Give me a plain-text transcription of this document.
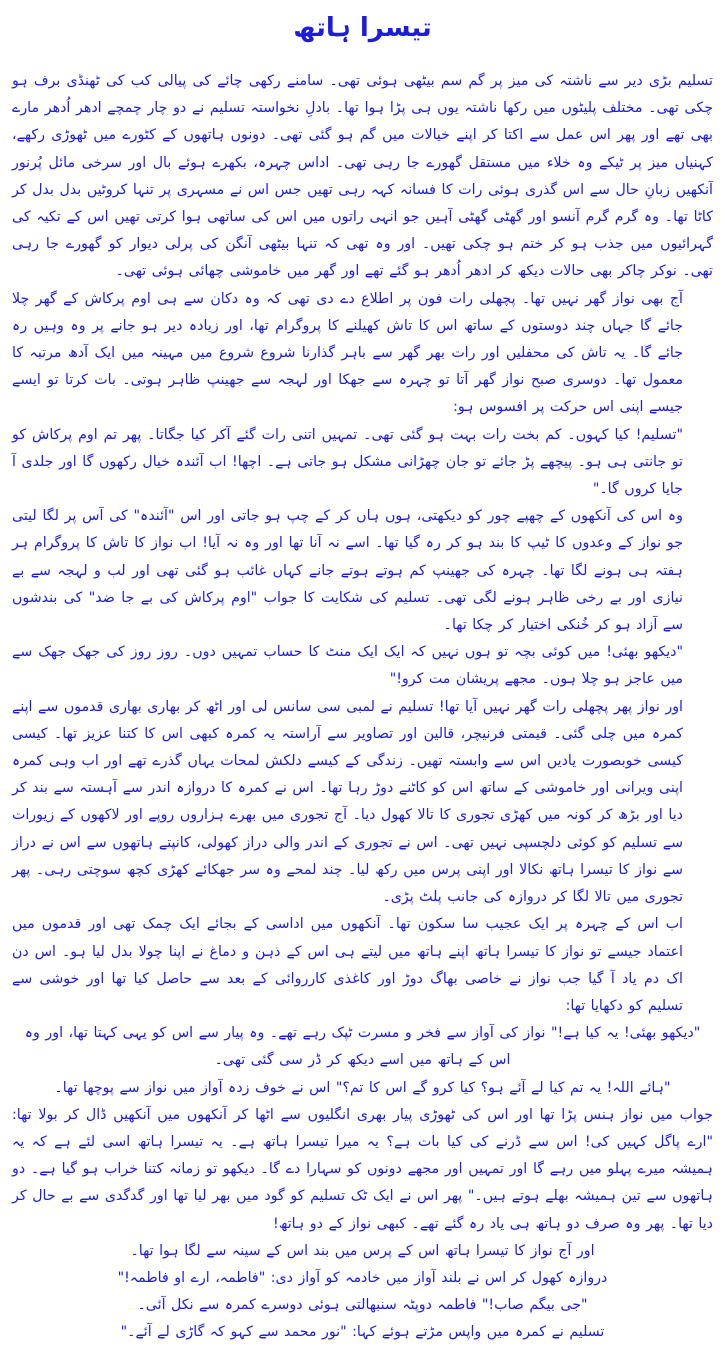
تیسرا ہاتھ

تسلیم بڑی دیر سے ناشتہ کی میز پر گم سم بیٹھی ہوئی تھی۔ سامنے رکھی چائے کی پیالی کب کی ٹھنڈی برف ہو چکی تھی۔ مختلف پلیٹوں میں رکھا ناشتہ یوں ہی پڑا ہوا تھا۔ بادلِ نخواستہ تسلیم نے دو چار چمچے ادھر اُدھر مارے بھی تھے اور پھر اس عمل سے اکتا کر اپنے خیالات میں گم ہو گئی تھی۔ دونوں ہاتھوں کے کٹورے میں ٹھوڑی رکھے، کہنیاں میز پر ٹیکے وہ خلاء میں مستقل گھورے جا رہی تھی۔ اداس چہرہ، بکھرے ہوئے بال اور سرخی مائل پُرنور آنکھیں زبانِ حال سے اس گذری ہوئی رات کا فسانہ کہہ رہی تھیں جس اس نے مسہری پر تنہا کروٹیں بدل بدل کر کاٹا تھا۔ وہ گرم گرم آنسو اور گھٹی گھٹی آہیں جو انہی راتوں میں اس کی ساتھی ہوا کرتی تھیں اس کے تکیہ کی گہرائیوں میں جذب ہو کر ختم ہو چکی تھیں۔ اور وہ تھی کہ تنہا بیٹھی آنگن کی پرلی دیوار کو گھورے جا رہی تھی۔ نوکر چاکر بھی حالات دیکھ کر ادھر اُدھر ہو گئے تھے اور گھر میں خاموشی چھائی ہوئی تھی۔

آج بھی نواز گھر نہیں تھا۔ پچھلی رات فون پر اطلاع دے دی تھی کہ وہ دکان سے ہی اوم پرکاش کے گھر چلا جائے گا جہاں چند دوستوں کے ساتھ اس کا تاش کھیلنے کا پروگرام تھا، اور زیادہ دیر ہو جانے پر وہ وہیں رہ جائے گا۔ یہ تاش کی محفلیں اور رات بھر گھر سے باہر گذارنا شروع شروع میں مہینہ میں ایک آدھ مرتبہ کا معمول تھا۔ دوسری صبح نواز گھر آتا تو چہرہ سے جھکا اور لہجہ سے جھینپ ظاہر ہوتی۔ بات کرتا تو ایسے جیسے اپنی اس حرکت پر افسوس ہو:

"تسلیم! کیا کہوں۔ کم بخت رات بہت ہو گئی تھی۔ تمہیں اتنی رات گئے آکر کیا جگاتا۔ پھر تم اوم پرکاش کو تو جانتی ہی ہو۔ پیچھے پڑ جائے تو جان چھڑانی مشکل ہو جاتی ہے۔ اچھا! اب آئندہ خیال رکھوں گا اور جلدی آ جایا کروں گا۔"

وہ اس کی آنکھوں کے چھپے چور کو دیکھتی، ہوں ہاں کر کے چپ ہو جاتی اور اس "آئندہ" کی آس پر لگا لیتی جو نواز کے وعدوں کا ٹیپ کا بند ہو کر رہ گیا تھا۔ اسے نہ آنا تھا اور وہ نہ آیا! اب نواز کا تاش کا پروگرام ہر ہفتہ ہی ہونے لگا تھا۔ چہرہ کی جھینپ کم ہوتے ہوتے جانے کہاں غائب ہو گئی تھی اور لب و لہجہ سے بے نیازی اور بے رخی ظاہر ہونے لگی تھی۔ تسلیم کی شکایت کا جواب "اوم پرکاش کی بے جا ضد" کی بندشوں سے آزاد ہو کر خُنکی اختیار کر چکا تھا۔

"دیکھو بھئی! میں کوئی بچہ تو ہوں نہیں کہ ایک ایک منٹ کا حساب تمہیں دوں۔ روز روز کی جھک جھک سے میں عاجز ہو چلا ہوں۔ مجھے پریشان مت کرو!"

اور نواز پھر پچھلی رات گھر نہیں آیا تھا! تسلیم نے لمبی سی سانس لی اور اٹھ کر بھاری بھاری قدموں سے اپنے کمرہ میں چلی گئی۔ قیمتی فرنیچر، قالین اور تصاویر سے آراستہ یہ کمرہ کبھی اس کا کتنا عزیز تھا۔ کیسی کیسی خوبصورت یادیں اس سے وابستہ تھیں۔ زندگی کے کیسے دلکش لمحات یہاں گذرے تھے اور اب وہی کمرہ اپنی ویرانی اور خاموشی کے ساتھ اس کو کاٹنے دوڑ رہا تھا۔ اس نے کمرہ کا دروازہ اندر سے آہستہ سے بند کر دیا اور بڑھ کر کونہ میں کھڑی تجوری کا تالا کھول دیا۔ آج تجوری میں بھرے ہزاروں روپے اور لاکھوں کے زیورات سے تسلیم کو کوئی دلچسپی نہیں تھی۔ اس نے تجوری کے اندر والی دراز کھولی، کانپتے ہاتھوں سے اس نے دراز سے نواز کا تیسرا ہاتھ نکالا اور اپنی پرس میں رکھ لیا۔ چند لمحے وہ سر جھکائے کھڑی کچھ سوچتی رہی۔ پھر تجوری میں تالا لگا کر دروازہ کی جانب پلٹ پڑی۔

اب اس کے چہرہ پر ایک عجیب سا سکون تھا۔ آنکھوں میں اداسی کے بجائے ایک چمک تھی اور قدموں میں اعتماد جیسے تو نواز کا تیسرا ہاتھ اپنے ہاتھ میں لیتے ہی اس کے ذہن و دماغ نے اپنا چولا بدل لیا ہو۔ اس دن اک دم یاد آ گیا جب نواز نے خاصی بھاگ دوڑ اور کاغذی کارروائی کے بعد سے حاصل کیا تھا اور خوشی سے تسلیم کو دکھایا تھا:

"دیکھو بھئی! یہ کیا ہے!" نواز کی آواز سے فخر و مسرت ٹپک رہے تھے۔ وہ پیار سے اس کو یہی کہتا تھا، اور وہ اس کے ہاتھ میں اسے دیکھ کر ڈر سی گئی تھی۔

"ہائے اللہ! یہ تم کیا لے آئے ہو؟ کیا کرو گے اس کا تم؟" اس نے خوف زدہ آواز میں نواز سے پوچھا تھا۔

جواب میں نواز ہنس پڑا تھا اور اس کی ٹھوڑی پیار بھری انگلیوں سے اٹھا کر آنکھوں میں آنکھیں ڈال کر بولا تھا: "ارے پاگل کہیں کی! اس سے ڈرنے کی کیا بات ہے؟ یہ میرا تیسرا ہاتھ ہے۔ یہ تیسرا ہاتھ اسی لئے ہے کہ یہ ہمیشہ میرے پہلو میں رہے گا اور تمہیں اور مجھے دونوں کو سہارا دے گا۔ دیکھو تو زمانہ کتنا خراب ہو گیا ہے۔ دو ہاتھوں سے تین ہمیشہ بھلے ہوتے ہیں۔" پھر اس نے ایک ٹک تسلیم کو گود میں بھر لیا تھا اور گدگدی سے بے حال کر دیا تھا۔ پھر وہ صرف دو ہاتھ ہی یاد رہ گئے تھے۔ کبھی نواز کے دو ہاتھ!

اور آج نواز کا تیسرا ہاتھ اس کے پرس میں بند اس کے سینہ سے لگا ہوا تھا۔

دروازہ کھول کر اس نے بلند آواز میں خادمہ کو آواز دی: "فاطمہ، ارے او فاطمہ!"

"جی بیگم صاب!" فاطمہ دوپٹہ سنبھالتی ہوئی دوسرے کمرہ سے نکل آئی۔

تسلیم نے کمرہ میں واپس مڑتے ہوئے کہا: "نور محمد سے کہو کہ گاڑی لے آئے۔"
